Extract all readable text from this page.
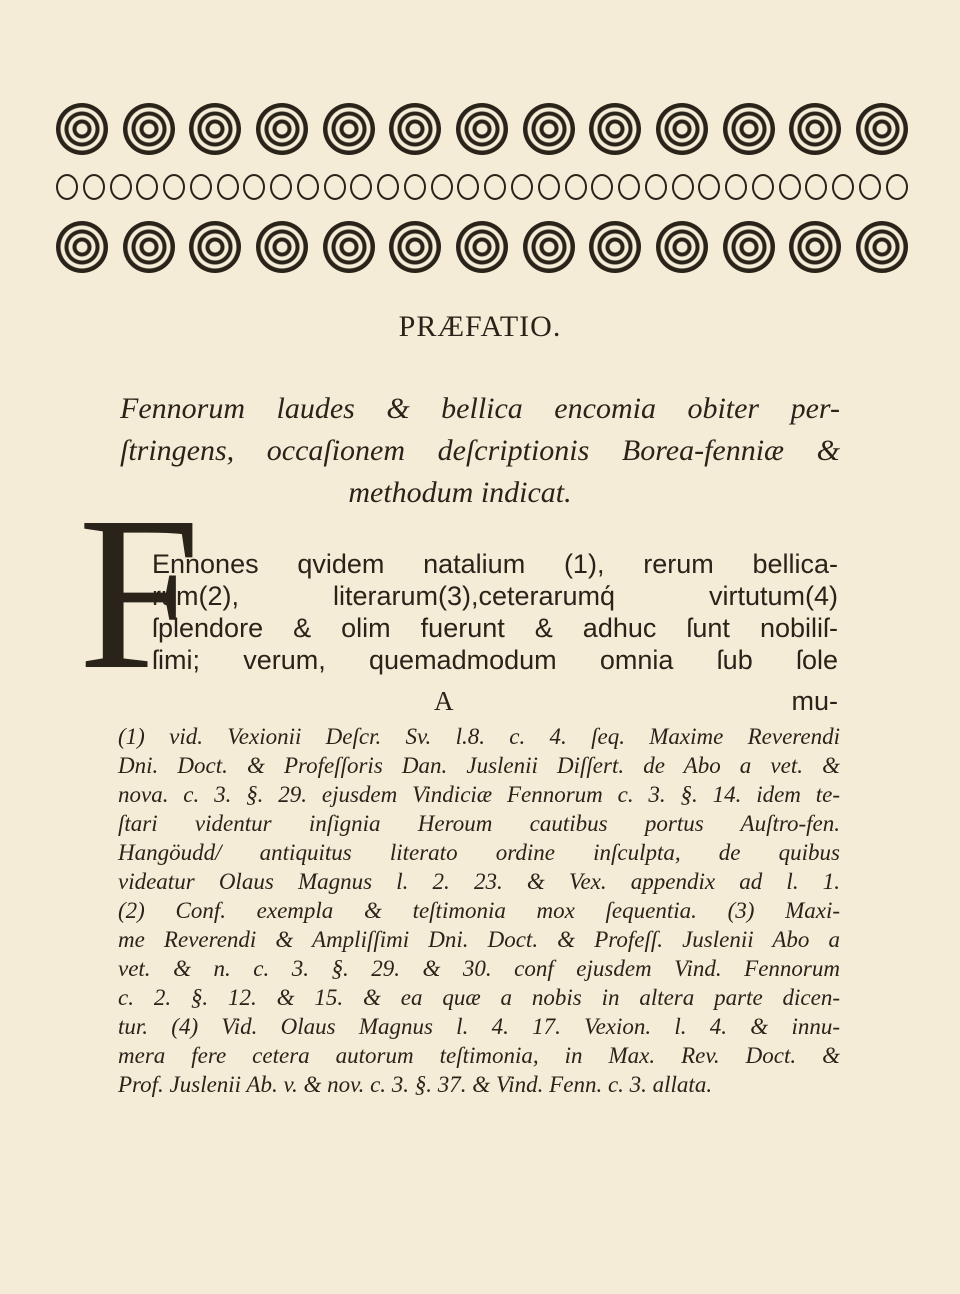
PRÆFATIO.
Fennorum laudes & bellica encomia obiter per-
ſtringens, occaſionem deſcriptionis Borea-fenniæ &
methodum indicat.
F
Ennones qvidem natalium (1), rerum bellica-
rum(2), literarum(3),ceterarumq́ virtutum(4)
ſplendore & olim fuerunt & adhuc ſunt nobiliſ-
ſimi; verum, quemadmodum omnia ſub ſole
A	mu-
(1) vid. Vexionii Deſcr. Sv. l.8. c. 4. ſeq. Maxime Reverendi
Dni. Doct. & Profeſſoris Dan. Juslenii Diſſert. de Abo a vet. &
nova. c. 3. §. 29. ejusdem Vindiciæ Fennorum c. 3. §. 14. idem te-
ſtari videntur inſignia Heroum cautibus portus Auſtro-fen.
Hangöudd/ antiquitus literato ordine inſculpta, de quibus
videatur Olaus Magnus l. 2. 23. & Vex. appendix ad l. 1.
(2) Conf. exempla & teſtimonia mox ſequentia. (3) Maxi-
me Reverendi & Ampliſſimi Dni. Doct. & Profeſſ. Juslenii Abo a
vet. & n. c. 3. §. 29. & 30. conf ejusdem Vind. Fennorum
c. 2. §. 12. & 15. & ea quæ a nobis in altera parte dicen-
tur. (4) Vid. Olaus Magnus l. 4. 17. Vexion. l. 4. & innu-
mera fere cetera autorum teſtimonia, in Max. Rev. Doct. &
Prof. Juslenii Ab. v. & nov. c. 3. §. 37. & Vind. Fenn. c. 3. allata.
